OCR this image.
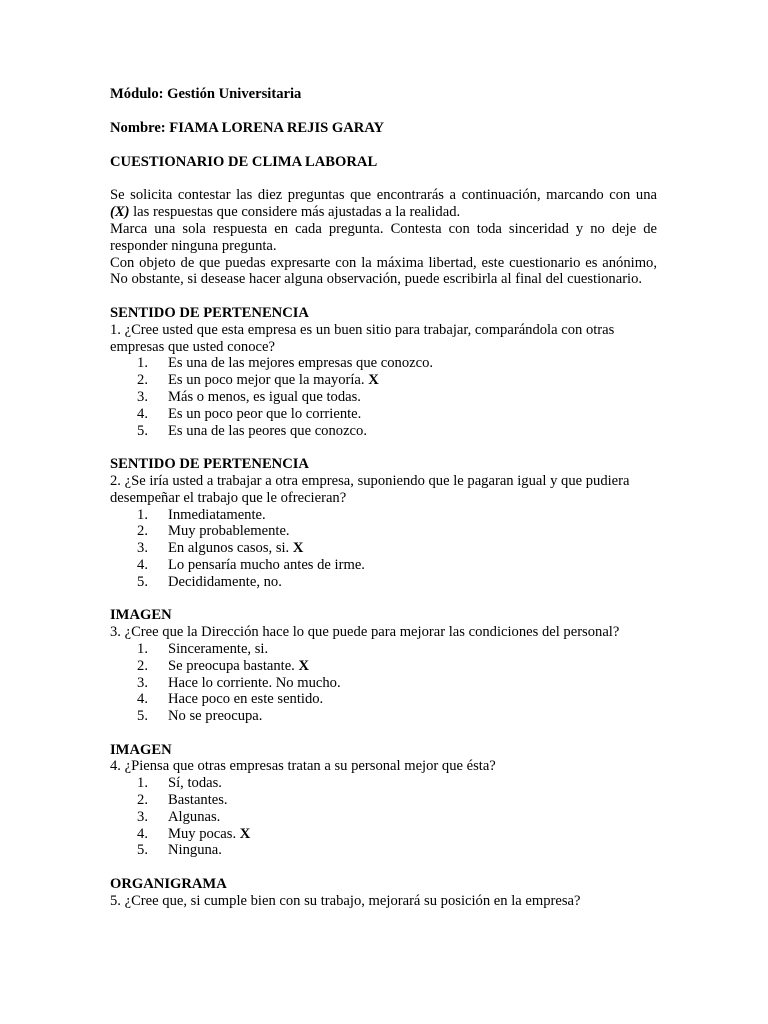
Módulo: Gestión Universitaria
Nombre: FIAMA LORENA REJIS GARAY
CUESTIONARIO DE CLIMA LABORAL

Se solicita contestar las diez preguntas que encontrarás a continuación, marcando con una (X) las respuestas que considere más ajustadas a la realidad.

Marca una sola respuesta en cada pregunta. Contesta con toda sinceridad y no deje de responder ninguna pregunta.

Con objeto de que puedas expresarte con la máxima libertad, este cuestionario es anónimo, No obstante, si desease hacer alguna observación, puede escribirla al final del cuestionario.

SENTIDO DE PERTENENCIA
1. ¿Cree usted que esta empresa es un buen sitio para trabajar, comparándola con otras empresas que usted conoce?
1. Es una de las mejores empresas que conozco.
2. Es un poco mejor que la mayoría. X
3. Más o menos, es igual que todas.
4. Es un poco peor que lo corriente.
5. Es una de las peores que conozco.
SENTIDO DE PERTENENCIA
2. ¿Se iría usted a trabajar a otra empresa, suponiendo que le pagaran igual y que pudiera desempeñar el trabajo que le ofrecieran?
1. Inmediatamente.
2. Muy probablemente.
3. En algunos casos, si. X
4. Lo pensaría mucho antes de irme.
5. Decididamente, no.
IMAGEN
3. ¿Cree que la Dirección hace lo que puede para mejorar las condiciones del personal?
1. Sinceramente, si.
2. Se preocupa bastante. X
3. Hace lo corriente. No mucho.
4. Hace poco en este sentido.
5. No se preocupa.
IMAGEN
4. ¿Piensa que otras empresas tratan a su personal mejor que ésta?
1. Sí, todas.
2. Bastantes.
3. Algunas.
4. Muy pocas. X
5. Ninguna.
ORGANIGRAMA
5. ¿Cree que, si cumple bien con su trabajo, mejorará su posición en la empresa?
